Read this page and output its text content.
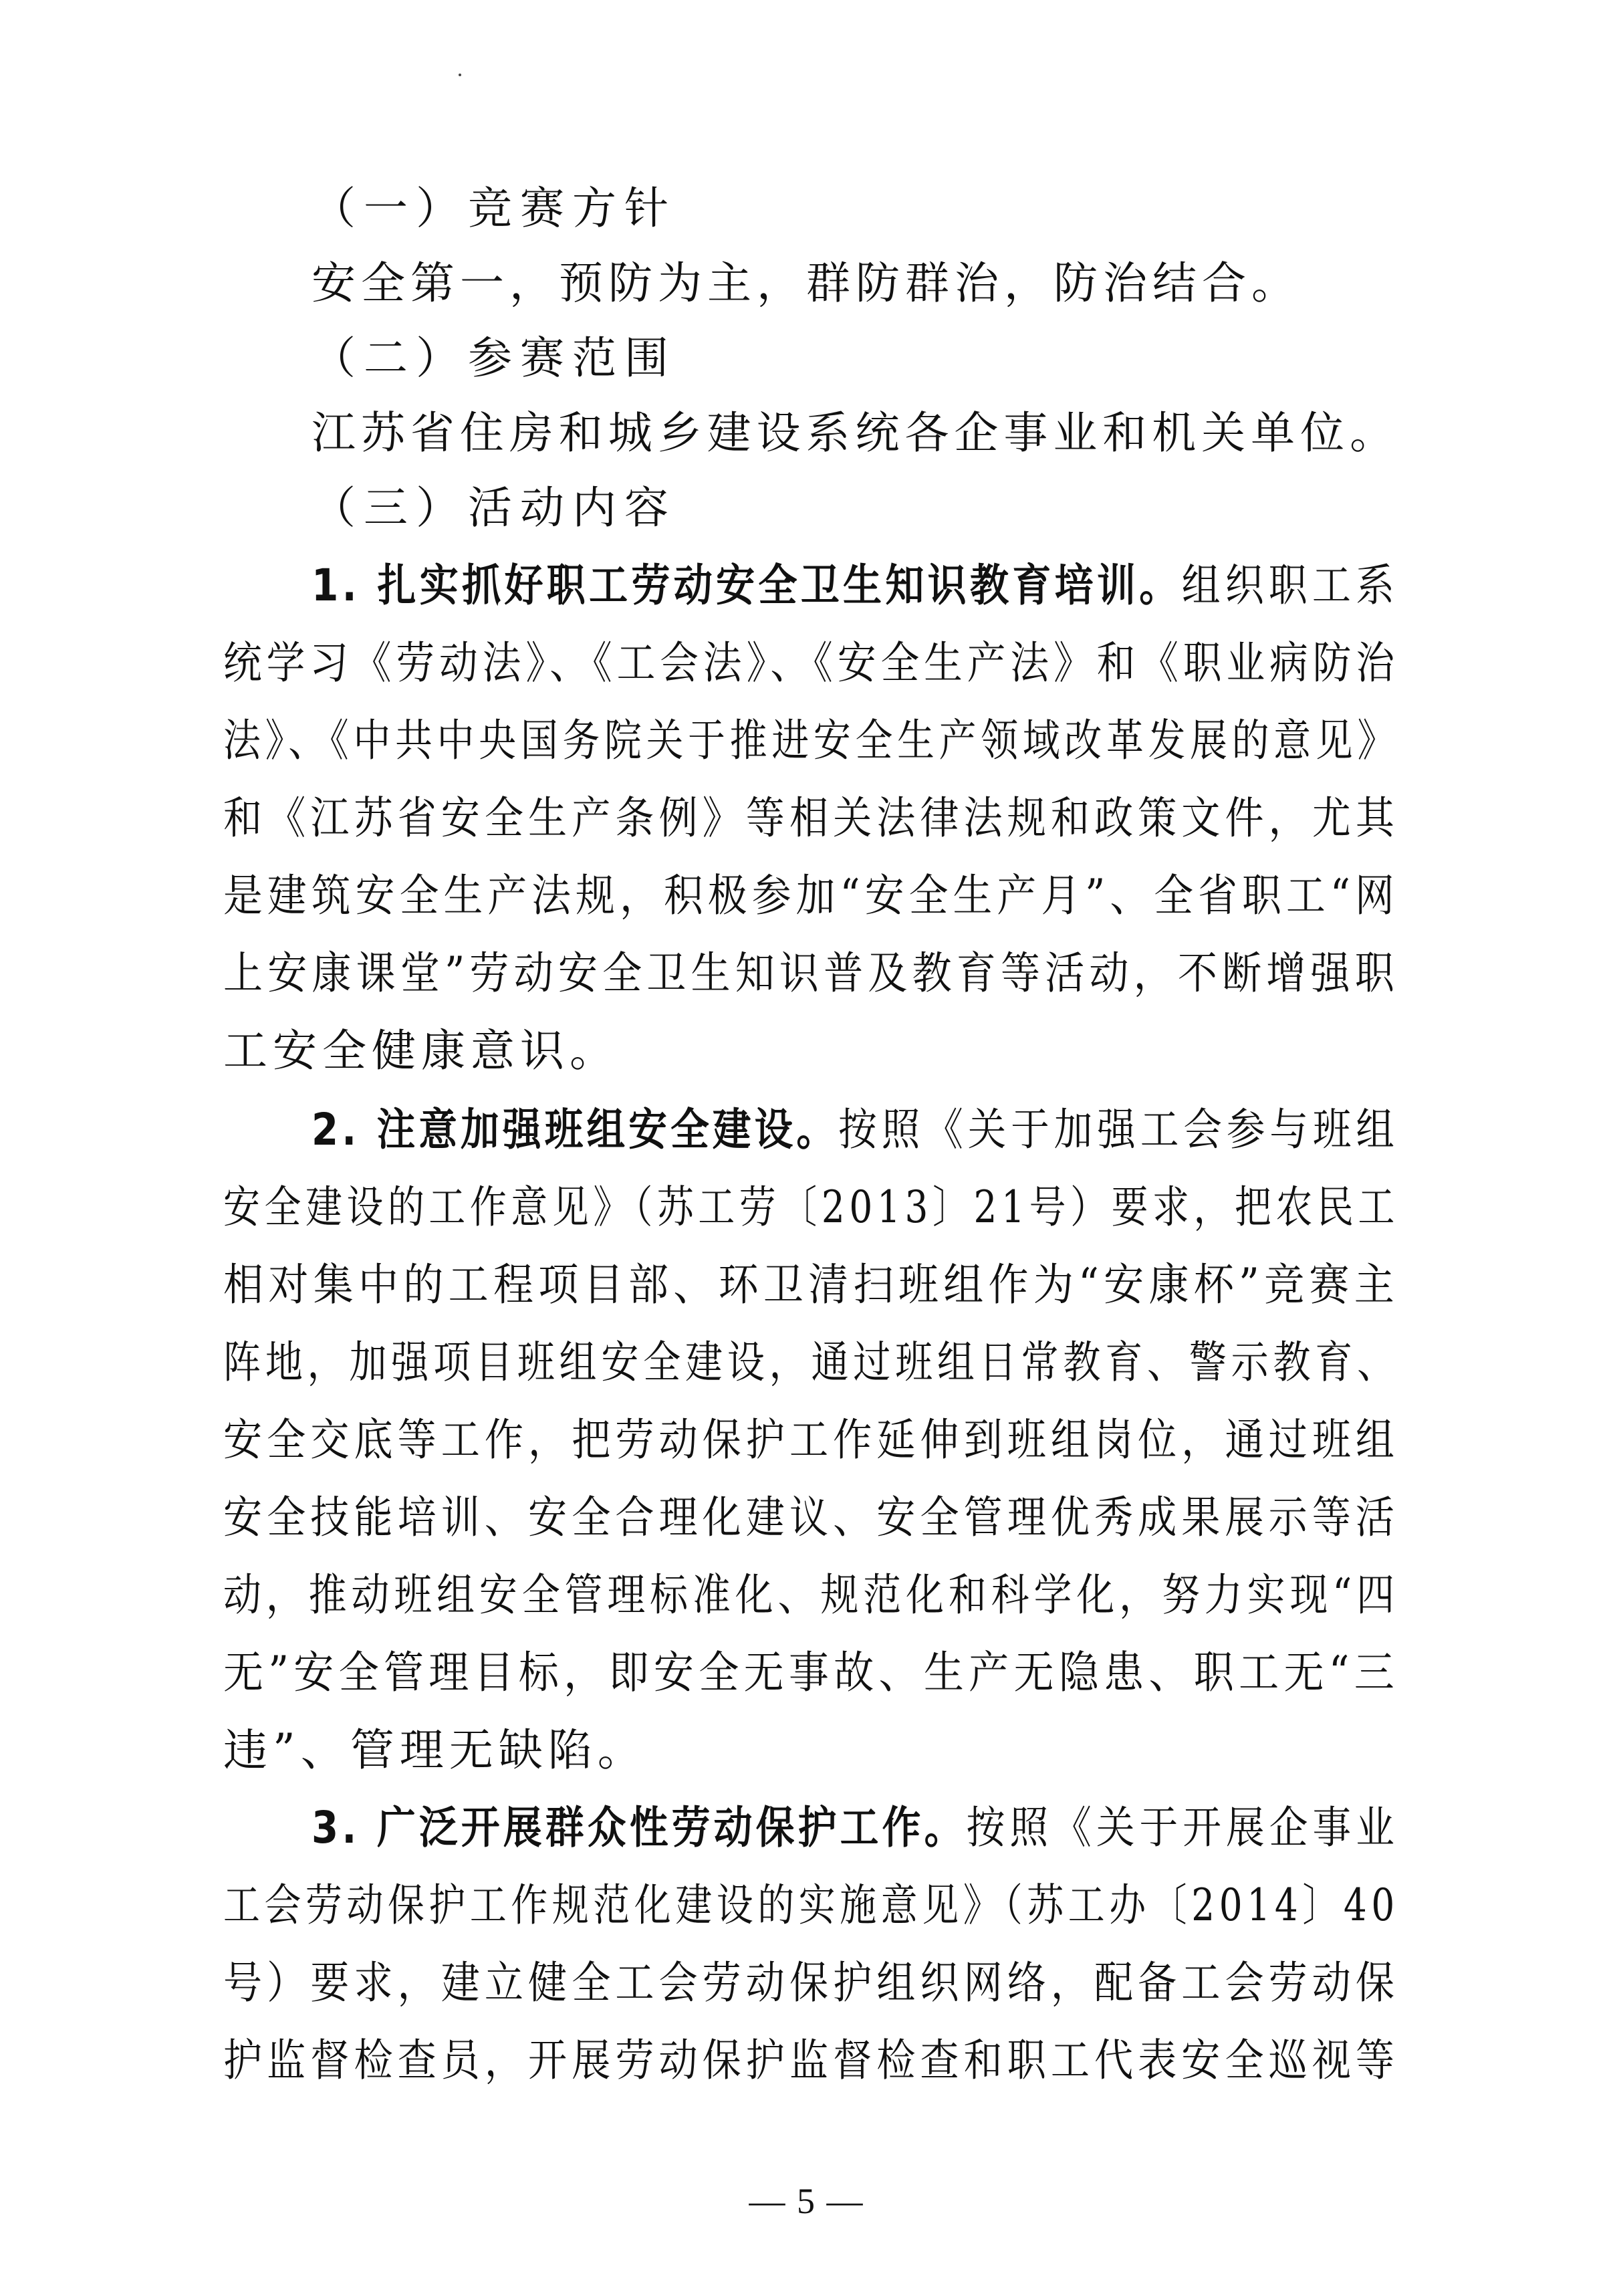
（一）竞赛方针
安全第一，预防为主，群防群治，防治结合。
（二）参赛范围
江苏省住房和城乡建设系统各企事业和机关单位。
（三）活动内容
1. 扎实抓好职工劳动安全卫生知识教育培训。组织职工系
统学习《劳动法》、《工会法》、《安全生产法》和《职业病防治
法》、《中共中央国务院关于推进安全生产领域改革发展的意见》
和《江苏省安全生产条例》等相关法律法规和政策文件，尤其
是建筑安全生产法规，积极参加“安全生产月”、全省职工“网
上安康课堂”劳动安全卫生知识普及教育等活动，不断增强职
工安全健康意识。
2. 注意加强班组安全建设。按照《关于加强工会参与班组
安全建设的工作意见》（苏工劳〔2013〕21号）要求，把农民工
相对集中的工程项目部、环卫清扫班组作为“安康杯”竞赛主
阵地，加强项目班组安全建设，通过班组日常教育、警示教育、
安全交底等工作，把劳动保护工作延伸到班组岗位，通过班组
安全技能培训、安全合理化建议、安全管理优秀成果展示等活
动，推动班组安全管理标准化、规范化和科学化，努力实现“四
无”安全管理目标，即安全无事故、生产无隐患、职工无“三
违”、管理无缺陷。
3. 广泛开展群众性劳动保护工作。按照《关于开展企事业
工会劳动保护工作规范化建设的实施意见》（苏工办〔2014〕40
号）要求，建立健全工会劳动保护组织网络，配备工会劳动保
护监督检查员，开展劳动保护监督检查和职工代表安全巡视等
— 5 —
